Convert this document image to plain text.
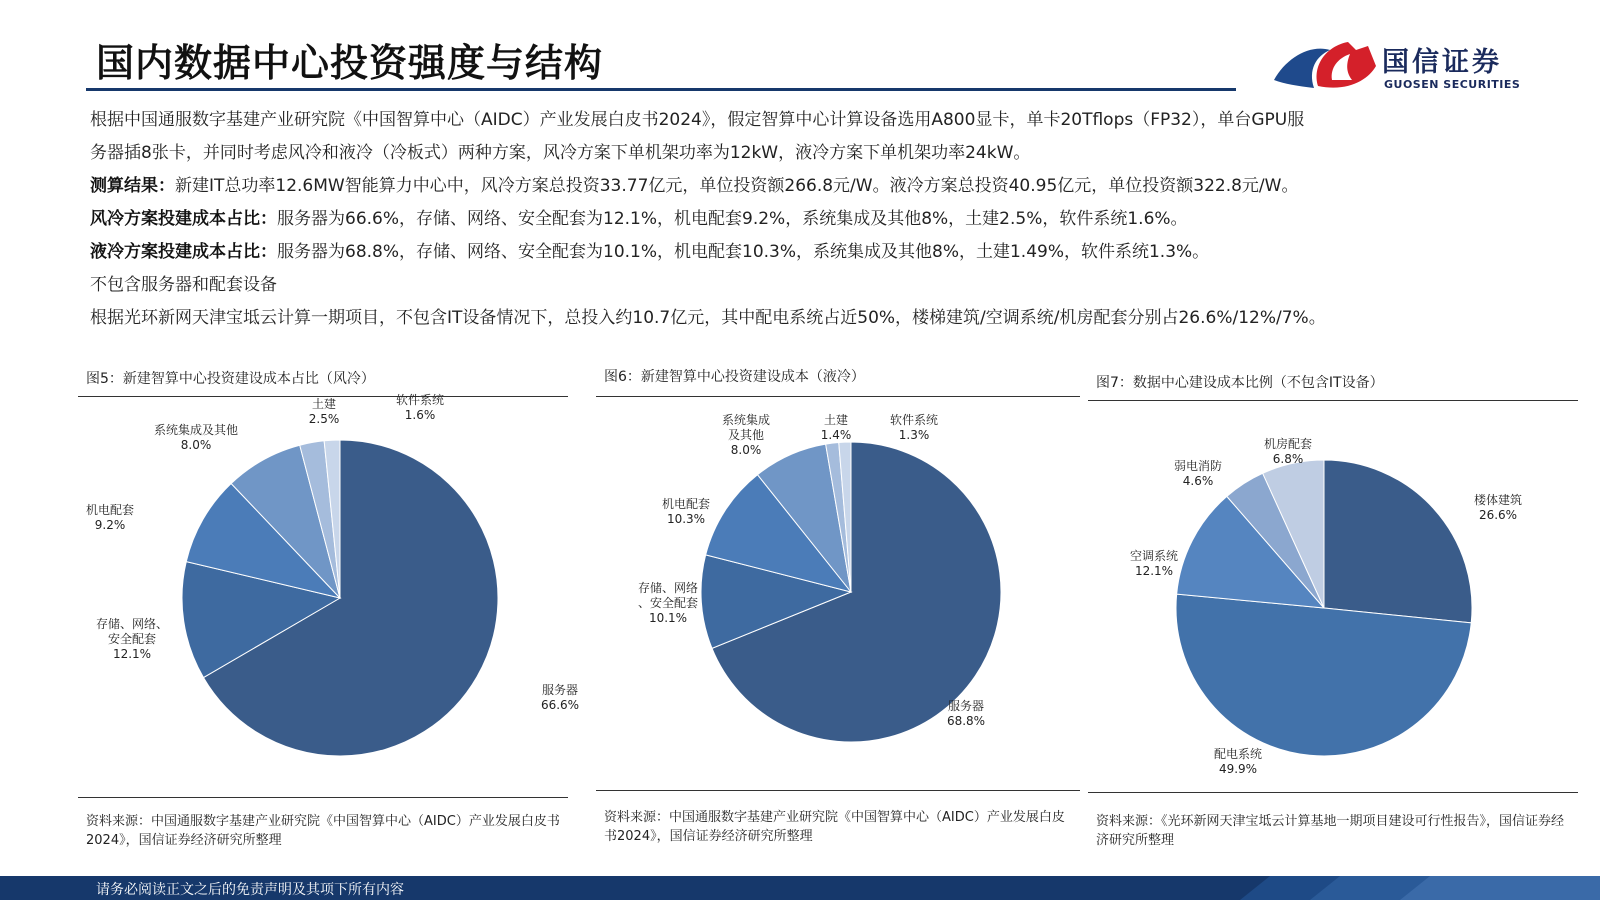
国内数据中心投资强度与结构	国信证券
GUOSEN SECURITIES

根据中国通服数字基建产业研究院《中国智算中心（AIDC）产业发展白皮书2024》，假定智算中心计算设备选用A800显卡，单卡20Tflops（FP32），单台GPU服

务器插8张卡，并同时考虑风冷和液冷（冷板式）两种方案，风冷方案下单机架功率为12kW，液冷方案下单机架功率24kW。

测算结果：新建IT总功率12.6MW智能算力中心中，风冷方案总投资33.77亿元，单位投资额266.8元/W。液冷方案总投资40.95亿元，单位投资额322.8元/W。

风冷方案投建成本占比：服务器为66.6%，存储、网络、安全配套为12.1%，机电配套9.2%，系统集成及其他8%，土建2.5%，软件系统1.6%。

液冷方案投建成本占比：服务器为68.8%，存储、网络、安全配套为10.1%，机电配套10.3%，系统集成及其他8%，土建1.49%，软件系统1.3%。

不包含服务器和配套设备

根据光环新网天津宝坻云计算一期项目，不包含IT设备情况下，总投入约10.7亿元，其中配电系统占近50%，楼梯建筑/空调系统/机房配套分别占26.6%/12%/7%。

图5：新建智算中心投资建设成本占比（风冷）
服务器 66.6%
存储、网络、安全配套 12.1%
机电配套 9.2%
系统集成及其他 8.0%
土建 2.5%
软件系统 1.6%
资料来源：中国通服数字基建产业研究院《中国智算中心（AIDC）产业发展白皮书2024》，国信证券经济研究所整理
图6：新建智算中心投资建设成本（液冷）
服务器 68.8%
存储、网络、安全配套 10.1%
机电配套 10.3%
系统集成及其他 8.0%
土建 1.4%
软件系统 1.3%
资料来源：中国通服数字基建产业研究院《中国智算中心（AIDC）产业发展白皮书2024》，国信证券经济研究所整理
图7：数据中心建设成本比例（不包含IT设备）
楼体建筑 26.6%
配电系统 49.9%
空调系统 12.1%
弱电消防 4.6%
机房配套 6.8%
资料来源：《光环新网天津宝坻云计算基地一期项目建设可行性报告》，国信证券经济研究所整理
请务必阅读正文之后的免责声明及其项下所有内容
